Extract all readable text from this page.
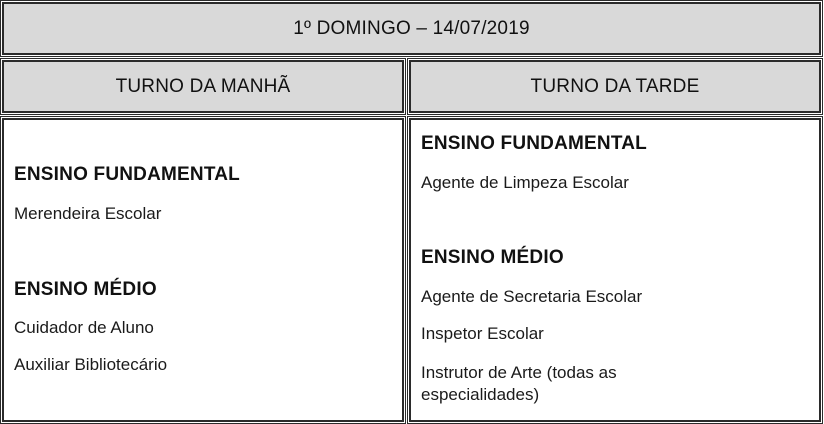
1º DOMINGO – 14/07/2019
TURNO DA MANHÃ	TURNO DA TARDE
ENSINO FUNDAMENTAL
Merendeira Escolar
ENSINO MÉDIO
Cuidador de Aluno
Auxiliar Bibliotecário
ENSINO FUNDAMENTAL
Agente de Limpeza Escolar
ENSINO MÉDIO
Agente de Secretaria Escolar
Inspetor Escolar
Instrutor de Arte (todas as especialidades)
